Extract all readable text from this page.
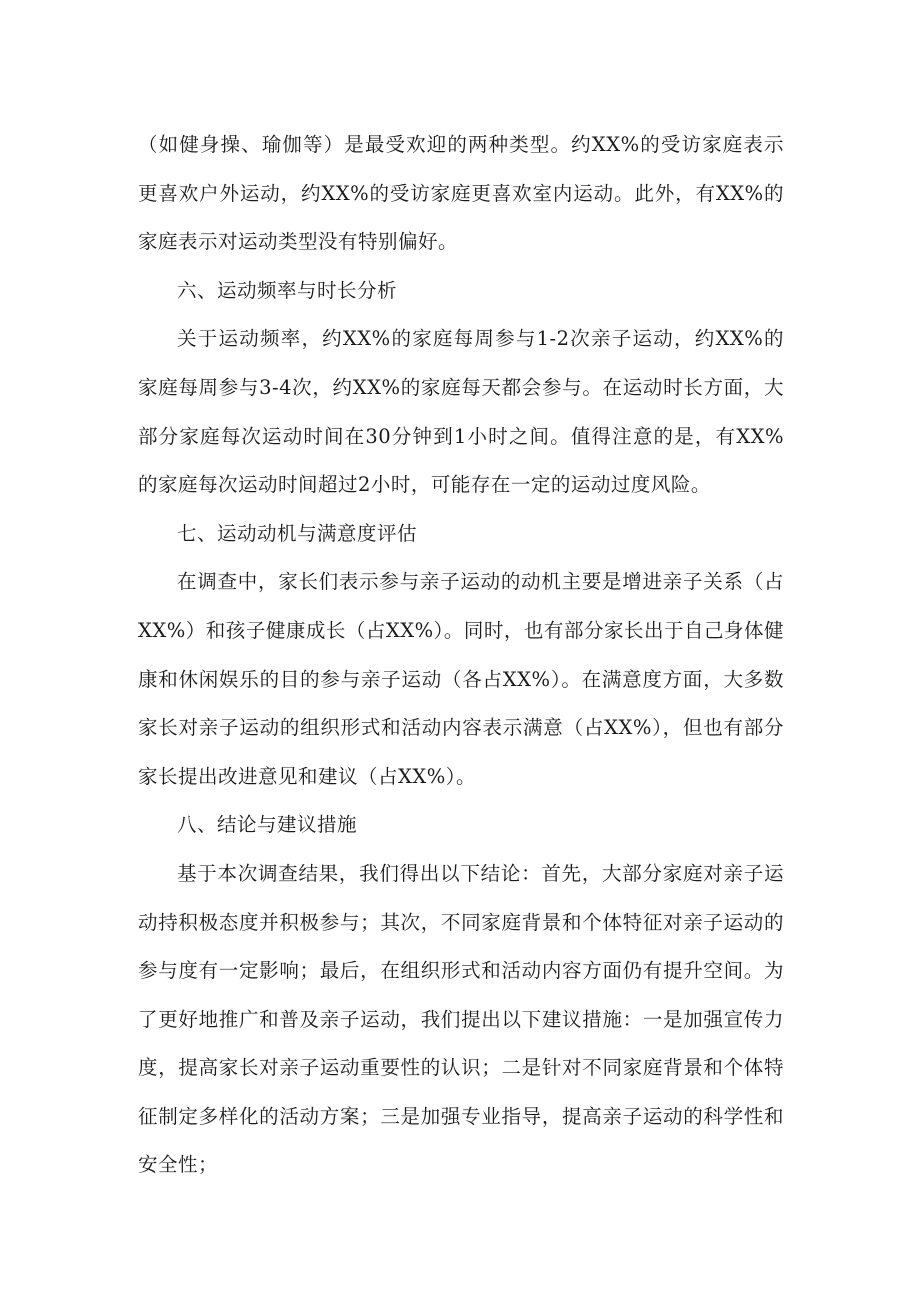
（如健身操、瑜伽等）是最受欢迎的两种类型。约XX%的受访家庭表示更喜欢户外运动，约XX%的受访家庭更喜欢室内运动。此外，有XX%的家庭表示对运动类型没有特别偏好。

六、运动频率与时长分析

关于运动频率，约XX%的家庭每周参与1-2次亲子运动，约XX%的家庭每周参与3-4次，约XX%的家庭每天都会参与。在运动时长方面，大部分家庭每次运动时间在30分钟到1小时之间。值得注意的是，有XX%的家庭每次运动时间超过2小时，可能存在一定的运动过度风险。

七、运动动机与满意度评估

在调查中，家长们表示参与亲子运动的动机主要是增进亲子关系（占XX%）和孩子健康成长（占XX%）。同时，也有部分家长出于自己身体健康和休闲娱乐的目的参与亲子运动（各占XX%）。在满意度方面，大多数家长对亲子运动的组织形式和活动内容表示满意（占XX%），但也有部分家长提出改进意见和建议（占XX%）。

八、结论与建议措施

基于本次调查结果，我们得出以下结论：首先，大部分家庭对亲子运动持积极态度并积极参与；其次，不同家庭背景和个体特征对亲子运动的参与度有一定影响；最后，在组织形式和活动内容方面仍有提升空间。为了更好地推广和普及亲子运动，我们提出以下建议措施：一是加强宣传力度，提高家长对亲子运动重要性的认识；二是针对不同家庭背景和个体特征制定多样化的活动方案；三是加强专业指导，提高亲子运动的科学性和安全性；
